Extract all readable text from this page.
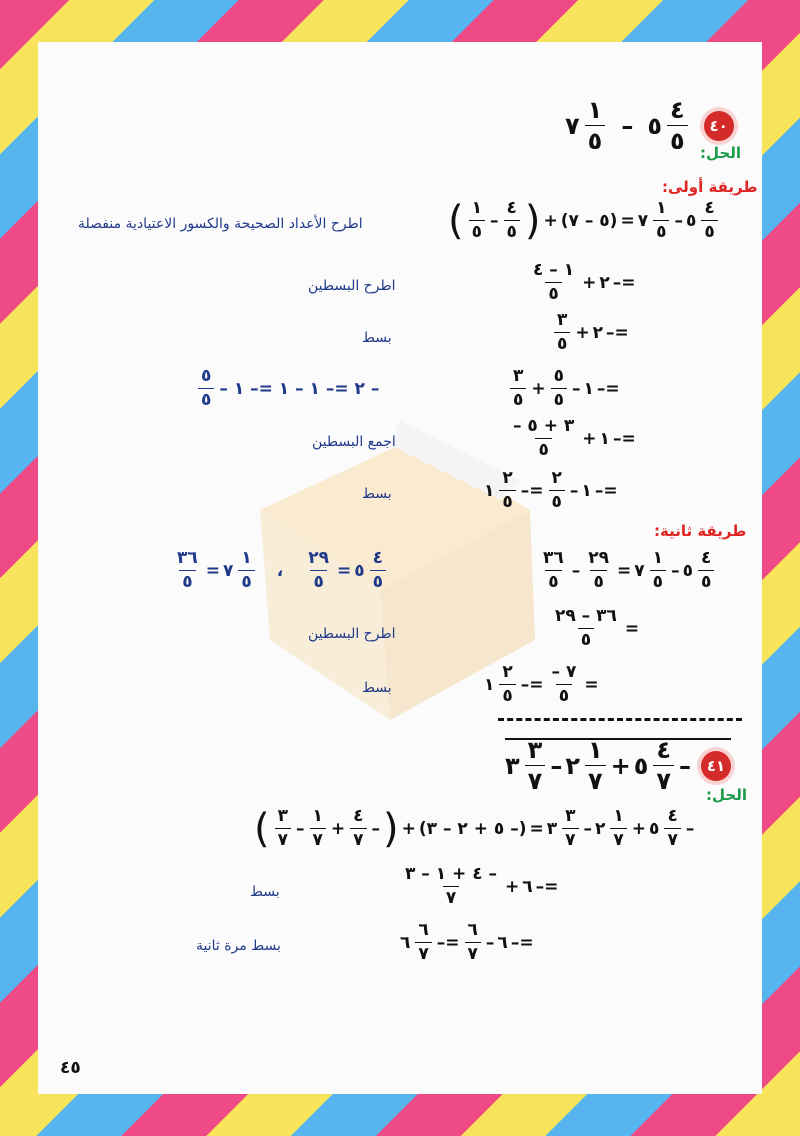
٤٠
$\frac{٤}{٥}$
٥
–
$\frac{١}{٥}$
٧
الحل:
طريقة أولى:
$\frac{٤}{٥}$
٥
–
$\frac{١}{٥}$
٧
=
(٥ – ٧)
+
(
$\frac{٤}{٥}$
–
$\frac{١}{٥}$
)
اطرح الأعداد الصحيحة والكسور الاعتيادية منفصلة
=–
٢
+
$\frac{١ - ٤}{٥}$
اطرح البسطين
=–
٢
+
$\frac{٣}{٥}$
بسط
=–
١
–
$\frac{٥}{٥}$
+
$\frac{٣}{٥}$
– ٢ =– ١ – ١ =– ١ –
$\frac{٥}{٥}$
=–
١
+
$\frac{٣ + ٥ -}{٥}$
اجمع البسطين
=–
١
–
$\frac{٢}{٥}$
=–
$\frac{٢}{٥}$
١
بسط
طريقة ثانية:
$\frac{٤}{٥}$
٥
–
$\frac{١}{٥}$
٧
=
$\frac{٢٩}{٥}$
–
$\frac{٣٦}{٥}$
$\frac{٤}{٥}$
٥
=
$\frac{٢٩}{٥}$
،
$\frac{١}{٥}$
٧
=
$\frac{٣٦}{٥}$
=
$\frac{٣٦ - ٢٩}{٥}$
اطرح البسطين
=
$\frac{٧ -}{٥}$
=–
$\frac{٢}{٥}$
١
بسط
٤١
–
$\frac{٤}{٧}$
٥
+
$\frac{١}{٧}$
٢
–
$\frac{٣}{٧}$
٣
الحل:
–
$\frac{٤}{٧}$
٥
+
$\frac{١}{٧}$
٢
–
$\frac{٣}{٧}$
٣
=
(– ٥ + ٢ – ٣)
+
(
–
$\frac{٤}{٧}$
+
$\frac{١}{٧}$
–
$\frac{٣}{٧}$
)
=–
٦
+
$\frac{- ٤ + ١ - ٣}{٧}$
بسط
=–
٦
–
$\frac{٦}{٧}$
=–
$\frac{٦}{٧}$
٦
بسط مرة ثانية
٤٥
